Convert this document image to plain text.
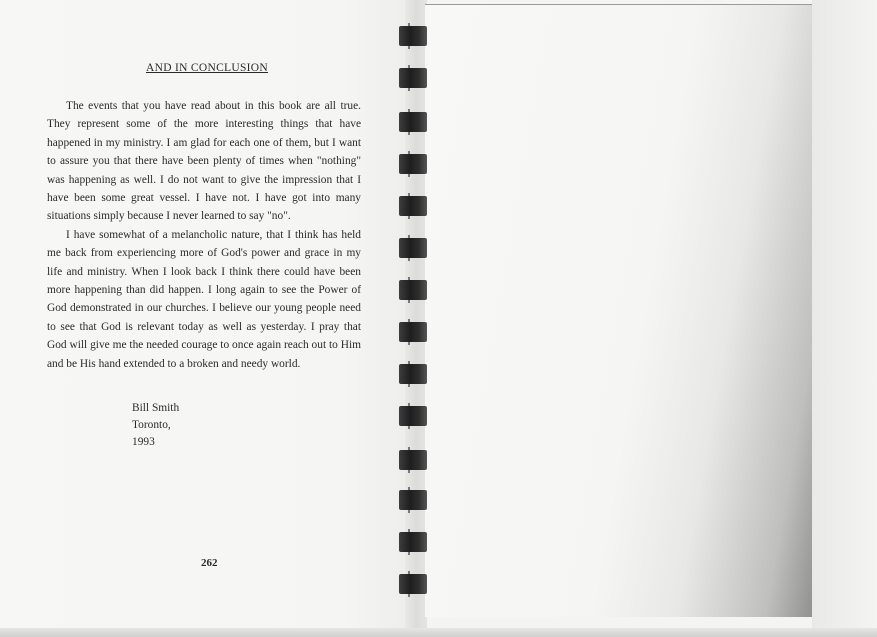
AND IN CONCLUSION

The events that you have read about in this book are all true. They represent some of the more interesting things that have happened in my ministry. I am glad for each one of them, but I want to assure you that there have been plenty of times when "nothing" was happening as well. I do not want to give the impression that I have been some great vessel. I have not. I have got into many situations simply because I never learned to say "no".

I have somewhat of a melancholic nature, that I think has held me back from experiencing more of God's power and grace in my life and ministry. When I look back I think there could have been more happening than did happen. I long again to see the Power of God demonstrated in our churches. I believe our young people need to see that God is relevant today as well as yesterday. I pray that God will give me the needed courage to once again reach out to Him and be His hand extended to a broken and needy world.

Bill Smith
Toronto,
1993
262
